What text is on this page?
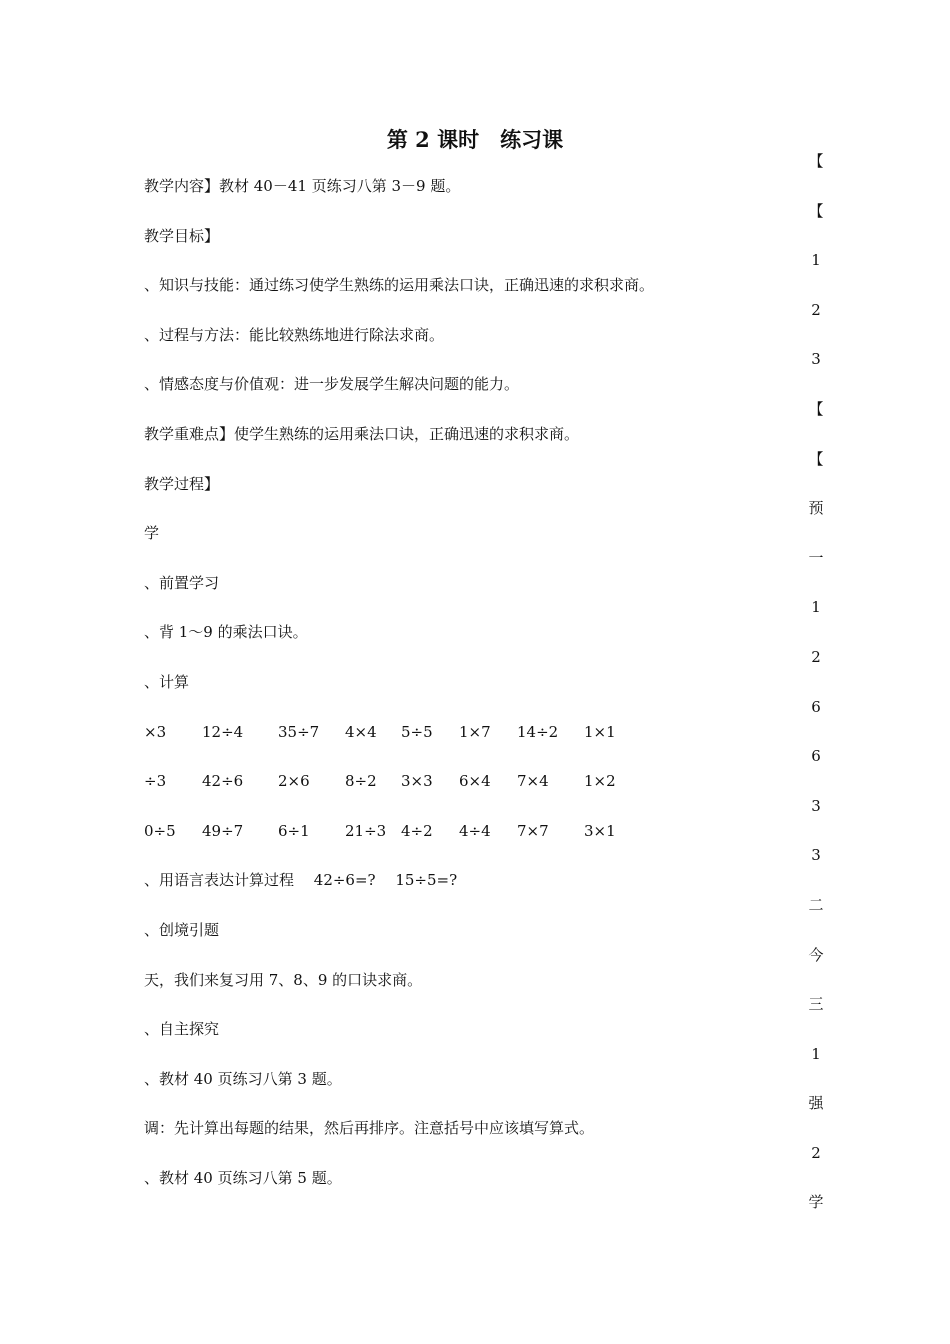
第 2 课时　练习课
教学内容】教材 40－41 页练习八第 3－9 题。
教学目标】
、知识与技能：通过练习使学生熟练的运用乘法口诀，正确迅速的求积求商。
、过程与方法：能比较熟练地进行除法求商。
、情感态度与价值观：进一步发展学生解决问题的能力。
教学重难点】使学生熟练的运用乘法口诀，正确迅速的求积求商。
教学过程】
学
、前置学习
、背 1～9 的乘法口诀。
、计算
×3	12÷4	35÷7	4×4	5÷5	1×7	14÷2	1×1
÷3	42÷6	2×6	8÷2	3×3	6×4	7×4	1×2
0÷5	49÷7	6÷1	21÷3 4÷2	4÷4	7×7	3×1
、用语言表达计算过程　 42÷6=?　 15÷5=?
、创境引题
天，我们来复习用 7、8、9 的口诀求商。
、自主探究
、教材 40 页练习八第 3 题。
调：先计算出每题的结果，然后再排序。注意括号中应该填写算式。
、教材 40 页练习八第 5 题。
【
【
1
2
3
【
【
预
一
1
2
6
6
3
3
二
今
三
1
强
2
学
